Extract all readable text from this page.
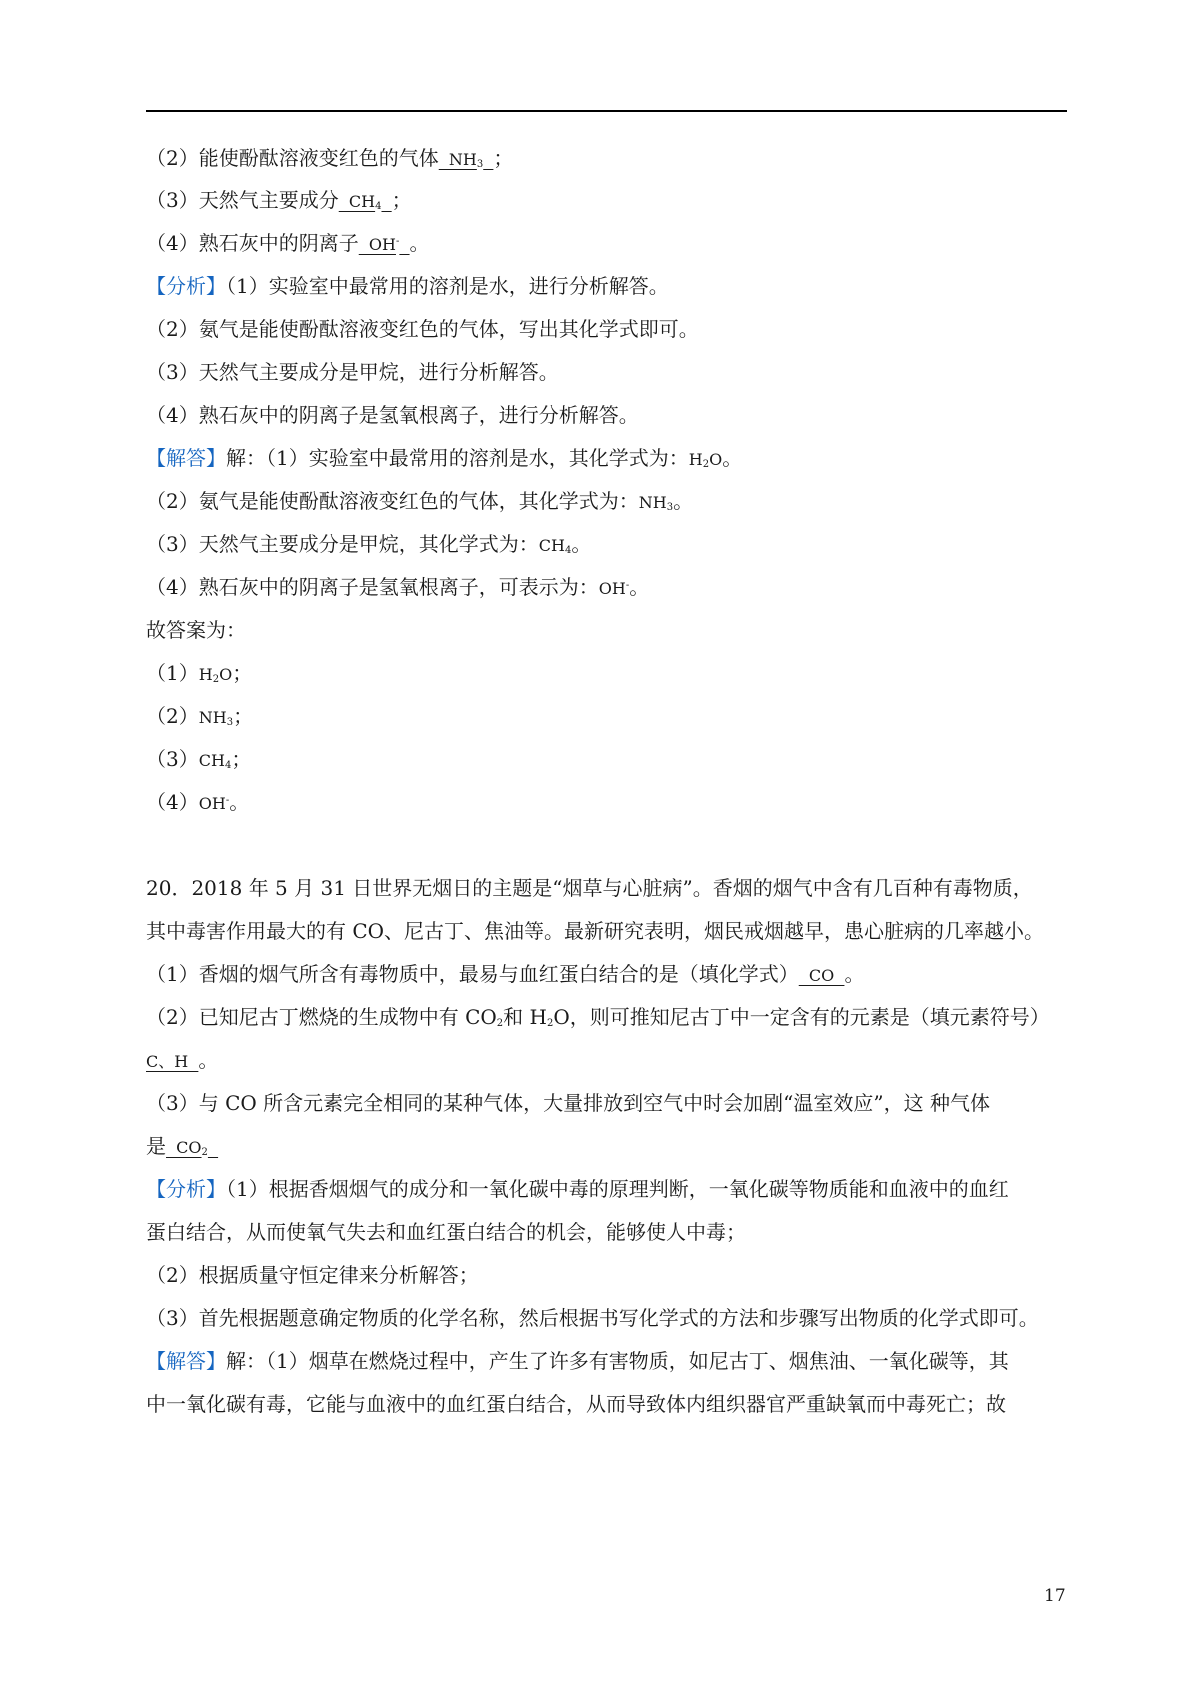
（2）能使酚酞溶液变红色的气体  $NH_3$ ；
（3）天然气主要成分  $CH_4$ ；
（4）熟石灰中的阴离子  OH- 。
【分析】（1）实验室中最常用的溶剂是水，进行分析解答。
（2）氨气是能使酚酞溶液变红色的气体，写出其化学式即可。
（3）天然气主要成分是甲烷，进行分析解答。
（4）熟石灰中的阴离子是氢氧根离子，进行分析解答。
【解答】解：（1）实验室中最常用的溶剂是水，其化学式为：$H_2O$。
（2）氨气是能使酚酞溶液变红色的气体，其化学式为：$NH_3$。
（3）天然气主要成分是甲烷，其化学式为：$CH_4$。
（4）熟石灰中的阴离子是氢氧根离子，可表示为：OH-。
故答案为：
$(1)H_2O$；
$(2)NH_3$；
$(3)CH_4$；
（4）OH-。
20．2018 年 5 月 31 日世界无烟日的主题是“烟草与心脏病”。香烟的烟气中含有几百种有毒物质，
其中毒害作用最大的有 CO、尼古丁、焦油等。最新研究表明，烟民戒烟越早，患心脏病的几率越小。
（1）香烟的烟气所含有毒物质中，最易与血红蛋白结合的是（填化学式）  CO  。
（2）已知尼古丁燃烧的生成物中有 $CO_2$和 $H_2O$，则可推知尼古丁中一定含有的元素是（填元素符号）
C、H  。
（3）与 CO 所含元素完全相同的某种气体，大量排放到空气中时会加剧“温室效应”，这 种气体
是  $CO_2$
【分析】（1）根据香烟烟气的成分和一氧化碳中毒的原理判断，一氧化碳等物质能和血液中的血红
蛋白结合，从而使氧气失去和血红蛋白结合的机会，能够使人中毒；
（2）根据质量守恒定律来分析解答；
（3）首先根据题意确定物质的化学名称，然后根据书写化学式的方法和步骤写出物质的化学式即可。
【解答】解：（1）烟草在燃烧过程中，产生了许多有害物质，如尼古丁、烟焦油、一氧化碳等，其
中一氧化碳有毒，它能与血液中的血红蛋白结合，从而导致体内组织器官严重缺氧而中毒死亡；故
17
